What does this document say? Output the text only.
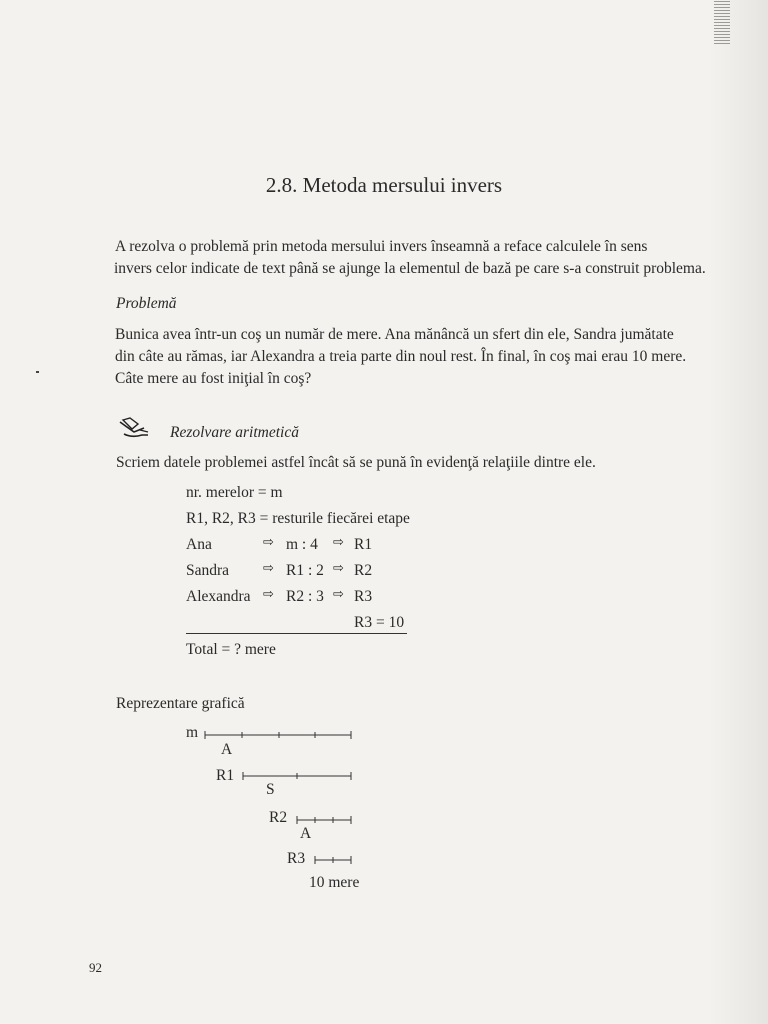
2.8. Metoda mersului invers
A rezolva o problemă prin metoda mersului invers înseamnă a reface calculele în sens
invers celor indicate de text până se ajunge la elementul de bază pe care s-a construit problema.
Problemă
Bunica avea într-un coş un număr de mere. Ana mănâncă un sfert din ele, Sandra jumătate
din câte au rămas, iar Alexandra a treia parte din noul rest. În final, în coş mai erau 10 mere.
Câte mere au fost iniţial în coş?
Rezolvare aritmetică
Scriem datele problemei astfel încât să se pună în evidenţă relaţiile dintre ele.
nr. merelor = m
R1, R2, R3 = resturile fiecărei etape
Ana	⇨ m : 4 ⇨ R1
Sandra	⇨ R1 : 2 ⇨ R2
Alexandra ⇨ R2 : 3 ⇨ R3
R3 = 10
Total = ? mere
Reprezentare grafică
m
A
R1
S
R2
A
R3
10 mere
92
